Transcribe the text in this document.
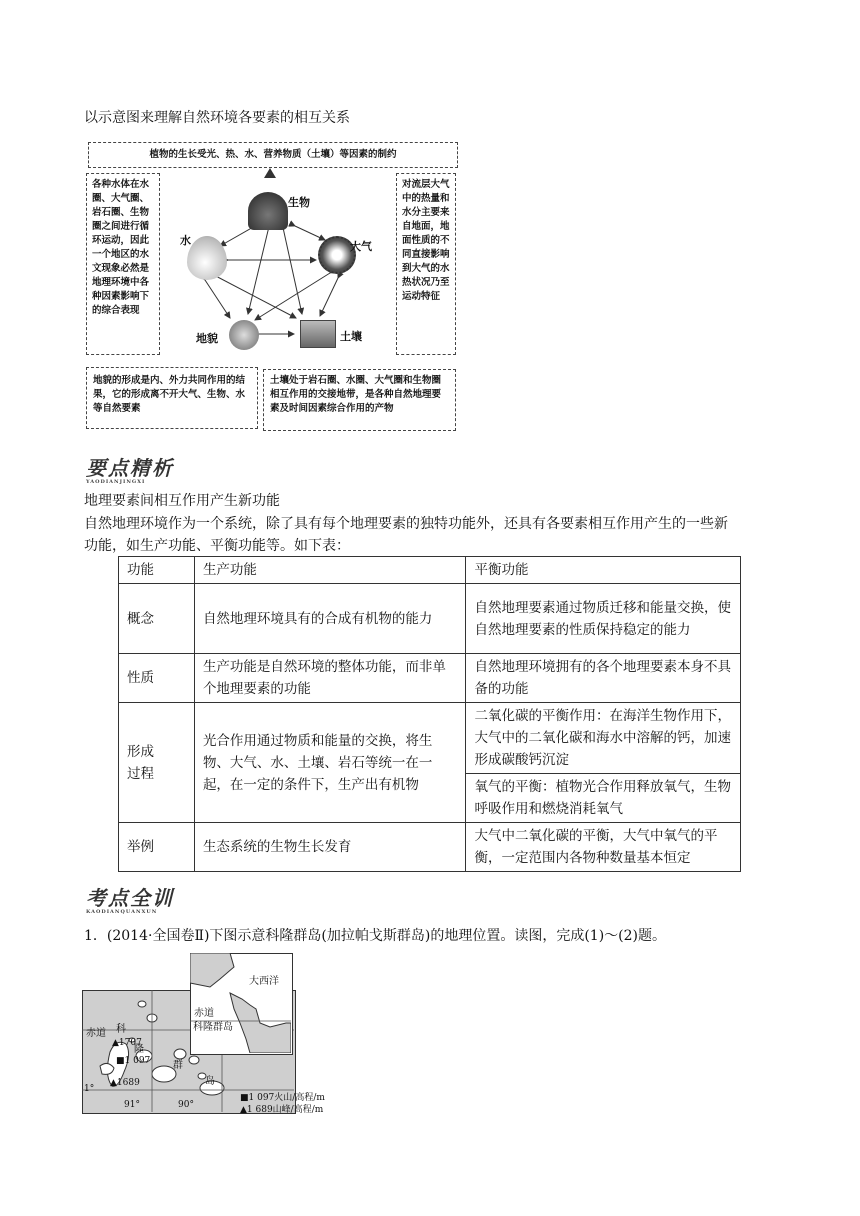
以示意图来理解自然环境各要素的相互关系
植物的生长受光、热、水、营养物质（土壤）等因素的制约
各种水体在水圈、大气圈、岩石圈、生物圈之间进行循环运动，因此一个地区的水文现象必然是地理环境中各种因素影响下的综合表现
对流层大气中的热量和水分主要来自地面，地面性质的不同直接影响到大气的水热状况乃至运动特征
地貌的形成是内、外力共同作用的结果，它的形成离不开大气、生物、水等自然要素
土壤处于岩石圈、水圈、大气圈和生物圈相互作用的交接地带，是各种自然地理要素及时间因素综合作用的产物
生物
水	大气
地貌	土壤
要点精析
YAODIANJINGXI
地理要素间相互作用产生新功能
自然地理环境作为一个系统，除了具有每个地理要素的独特功能外，还具有各要素相互作用产生的一些新
功能，如生产功能、平衡功能等。如下表：
功能	生产功能	平衡功能
概念	自然地理环境具有的合成有机物的能力	自然地理要素通过物质迁移和能量交换，使自然地理要素的性质保持稳定的能力
性质	生产功能是自然环境的整体功能，而非单个地理要素的功能	自然地理环境拥有的各个地理要素本身不具备的功能

形成过程	光合作用通过物质和能量的交换，将生物、大气、水、土壤、岩石等统一在一起，在一定的条件下，生产出有机物	二氧化碳的平衡作用：在海洋生物作用下，大气中的二氧化碳和海水中溶解的钙，加速形成碳酸钙沉淀
		氧气的平衡：植物光合作用释放氧气，生物呼吸作用和燃烧消耗氧气
举例	生态系统的生物生长发育	大气中二氧化碳的平衡，大气中氧气的平衡，一定范围内各物种数量基本恒定
考点全训
KAODIANQUANXUN
1．(2014·全国卷Ⅱ)下图示意科隆群岛(加拉帕戈斯群岛)的地理位置。读图，完成(1)～(2)题。
赤道 科
隆
群
岛
▲1707
■1 097
▲1689
1°
91°	90°
大西洋
赤道
科隆群岛
■1 097火山/高程/m
▲1 689山峰/高程/m
